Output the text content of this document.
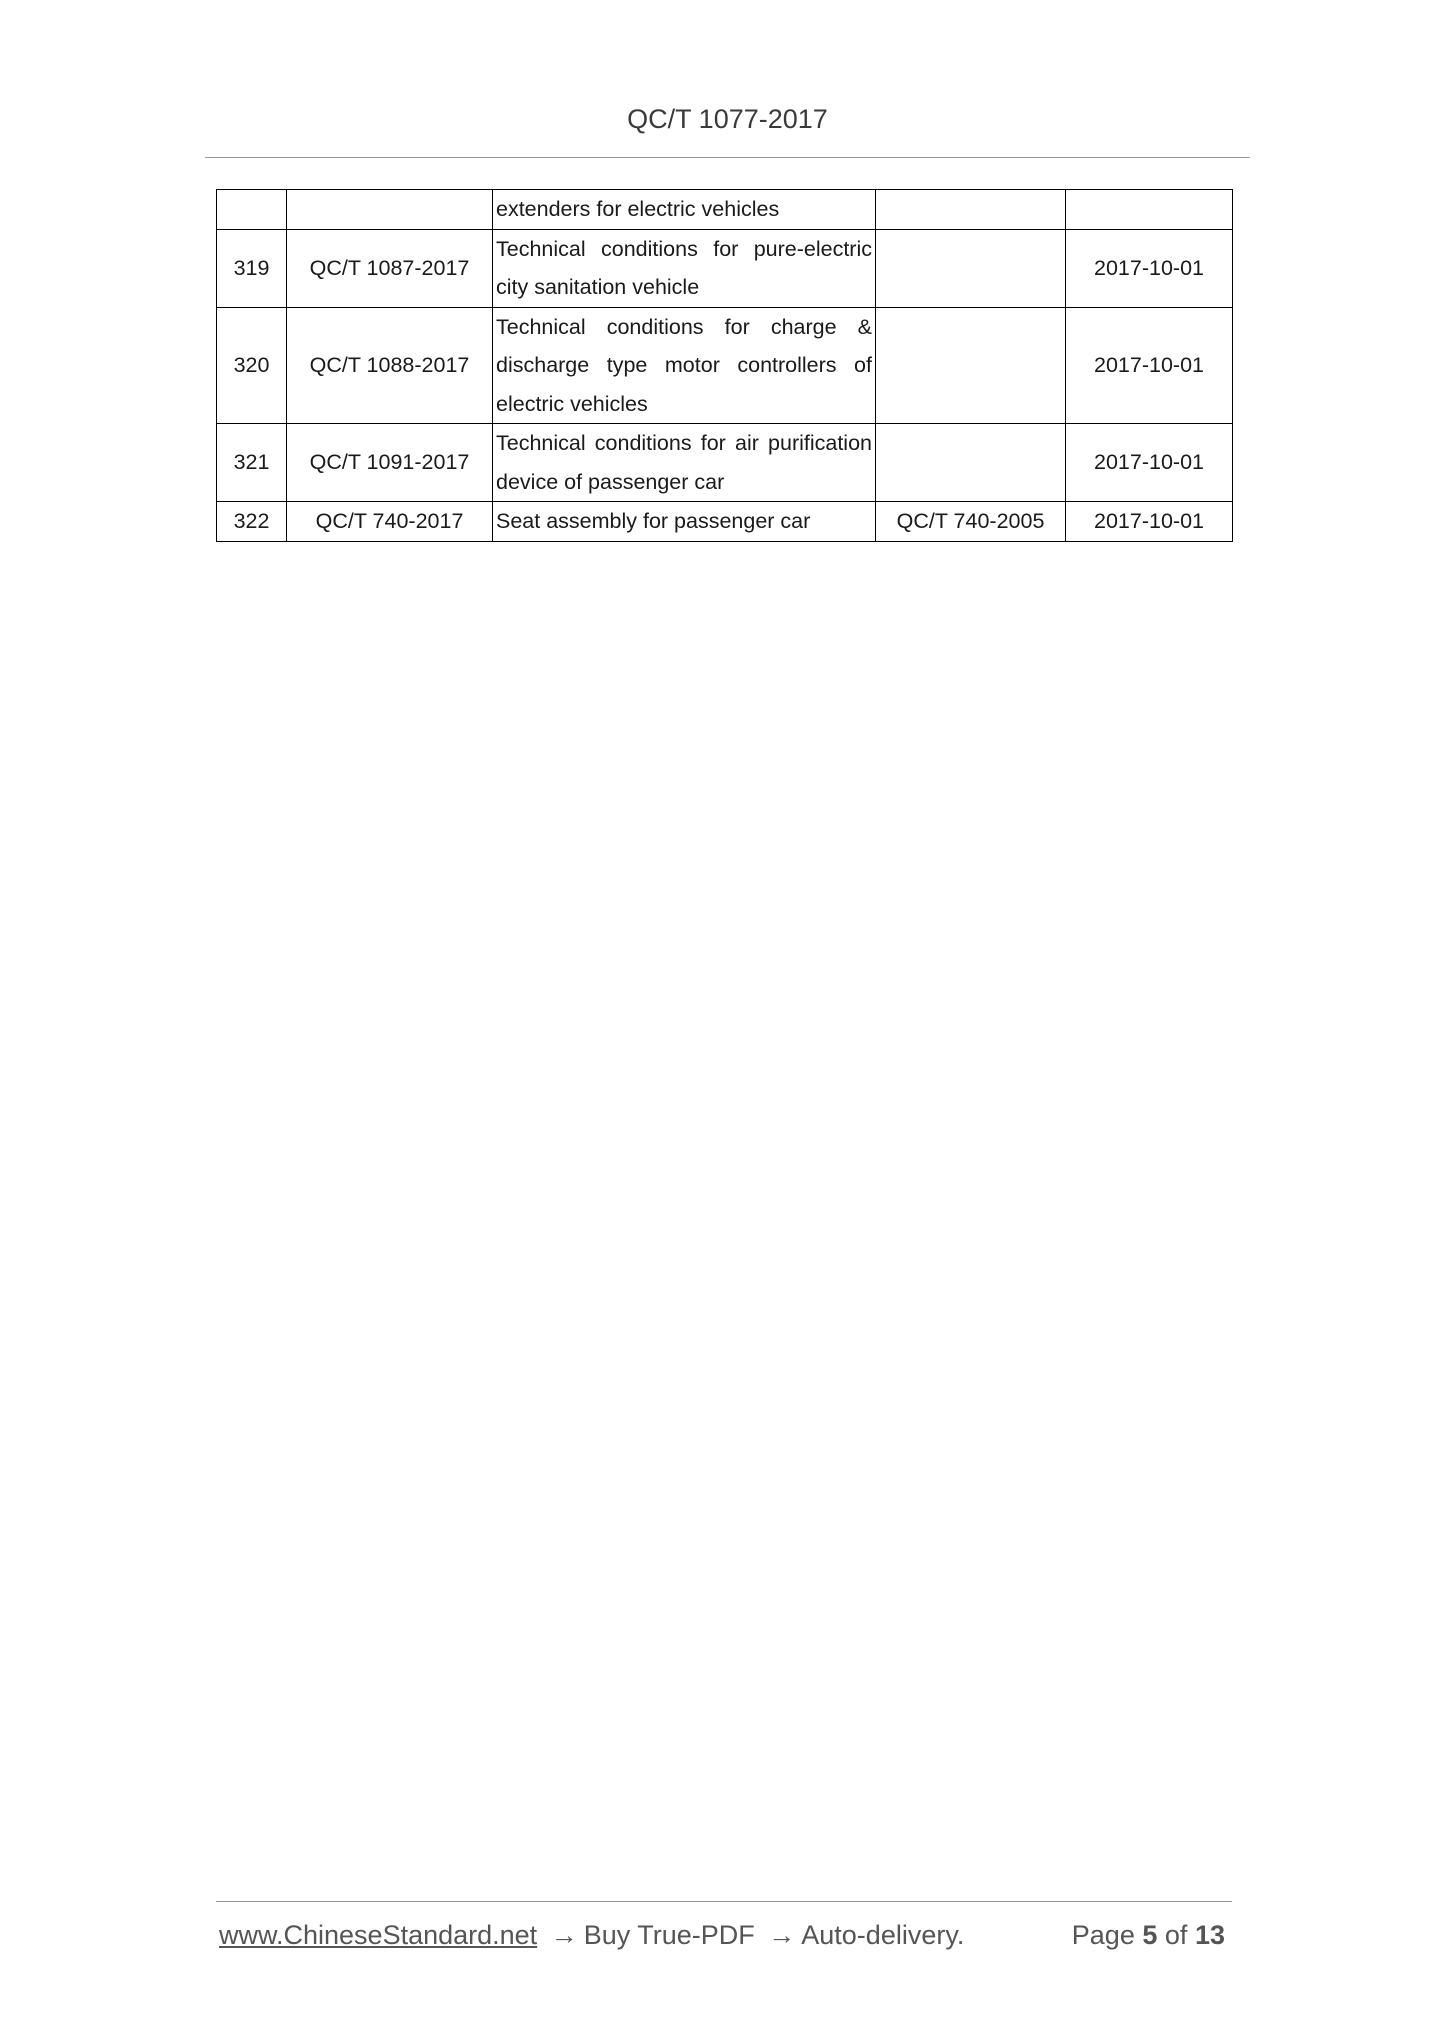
QC/T 1077-2017
		extenders for electric vehicles		
319	QC/T 1087-2017	Technical conditions for pure-electric city sanitation vehicle		2017-10-01
320	QC/T 1088-2017	Technical conditions for charge & discharge type motor controllers of electric vehicles		2017-10-01
321	QC/T 1091-2017	Technical conditions for air purification device of passenger car		2017-10-01
322	QC/T 740-2017	Seat assembly for passenger car	QC/T 740-2005	2017-10-01
www.ChineseStandard.net → Buy True-PDF → Auto-delivery.	Page 5 of 13
